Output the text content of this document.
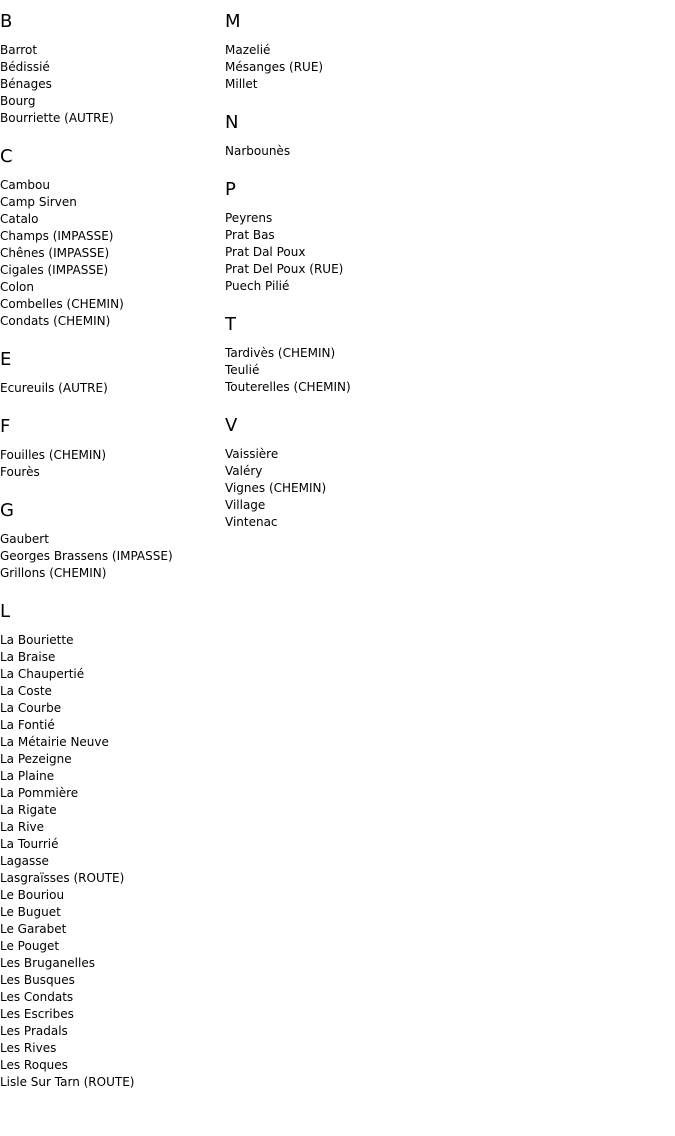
B
Barrot
Bédissié
Bénages
Bourg
Bourriette (AUTRE)
C
Cambou
Camp Sirven
Catalo
Champs (IMPASSE)
Chênes (IMPASSE)
Cigales (IMPASSE)
Colon
Combelles (CHEMIN)
Condats (CHEMIN)
E
Ecureuils (AUTRE)
F
Fouilles (CHEMIN)
Fourès
G
Gaubert
Georges Brassens (IMPASSE)
Grillons (CHEMIN)
L
La Bouriette
La Braise
La Chaupertié
La Coste
La Courbe
La Fontié
La Métairie Neuve
La Pezeigne
La Plaine
La Pommière
La Rigate
La Rive
La Tourrié
Lagasse
Lasgraïsses (ROUTE)
Le Bouriou
Le Buguet
Le Garabet
Le Pouget
Les Bruganelles
Les Busques
Les Condats
Les Escribes
Les Pradals
Les Rives
Les Roques
Lisle Sur Tarn (ROUTE)
M
Mazelié
Mésanges (RUE)
Millet
N
Narbounès
P
Peyrens
Prat Bas
Prat Dal Poux
Prat Del Poux (RUE)
Puech Pilié
T
Tardivès (CHEMIN)
Teulié
Touterelles (CHEMIN)
V
Vaissière
Valéry
Vignes (CHEMIN)
Village
Vintenac
